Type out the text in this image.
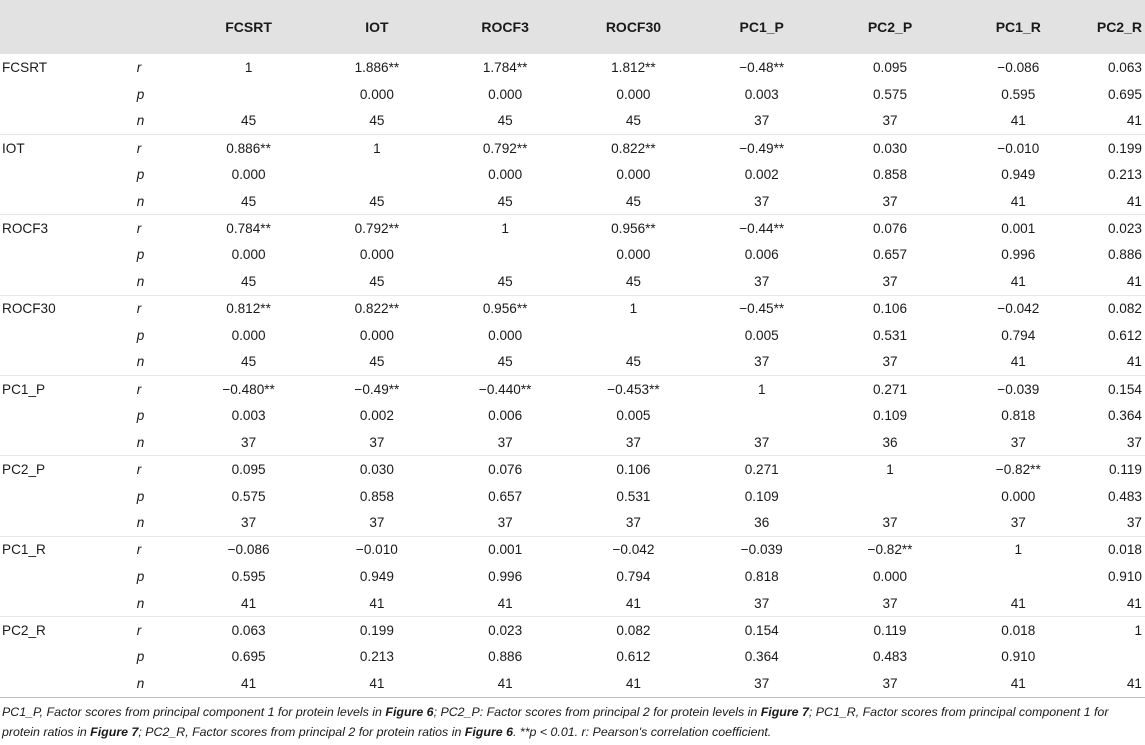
		FCSRT	IOT	ROCF3	ROCF30	PC1_P	PC2_P	PC1_R	PC2_R
FCSRT	r	1	1.886**	1.784**	1.812**	−0.48**	0.095	−0.086	0.063
	p		0.000	0.000	0.000	0.003	0.575	0.595	0.695
	n	45	45	45	45	37	37	41	41
IOT	r	0.886**	1	0.792**	0.822**	−0.49**	0.030	−0.010	0.199
	p	0.000		0.000	0.000	0.002	0.858	0.949	0.213
	n	45	45	45	45	37	37	41	41
ROCF3	r	0.784**	0.792**	1	0.956**	−0.44**	0.076	0.001	0.023
	p	0.000	0.000		0.000	0.006	0.657	0.996	0.886
	n	45	45	45	45	37	37	41	41
ROCF30	r	0.812**	0.822**	0.956**	1	−0.45**	0.106	−0.042	0.082
	p	0.000	0.000	0.000		0.005	0.531	0.794	0.612
	n	45	45	45	45	37	37	41	41
PC1_P	r	−0.480**	−0.49**	−0.440**	−0.453**	1	0.271	−0.039	0.154
	p	0.003	0.002	0.006	0.005		0.109	0.818	0.364
	n	37	37	37	37	37	36	37	37
PC2_P	r	0.095	0.030	0.076	0.106	0.271	1	−0.82**	0.119
	p	0.575	0.858	0.657	0.531	0.109		0.000	0.483
	n	37	37	37	37	36	37	37	37
PC1_R	r	−0.086	−0.010	0.001	−0.042	−0.039	−0.82**	1	0.018
	p	0.595	0.949	0.996	0.794	0.818	0.000		0.910
	n	41	41	41	41	37	37	41	41
PC2_R	r	0.063	0.199	0.023	0.082	0.154	0.119	0.018	1
	p	0.695	0.213	0.886	0.612	0.364	0.483	0.910	
	n	41	41	41	41	37	37	41	41
PC1_P, Factor scores from principal component 1 for protein levels in Figure 6; PC2_P: Factor scores from principal 2 for protein levels in Figure 7; PC1_R, Factor scores from principal component 1 for protein ratios in Figure 7; PC2_R, Factor scores from principal 2 for protein ratios in Figure 6. **p < 0.01. r: Pearson's correlation coefficient.
